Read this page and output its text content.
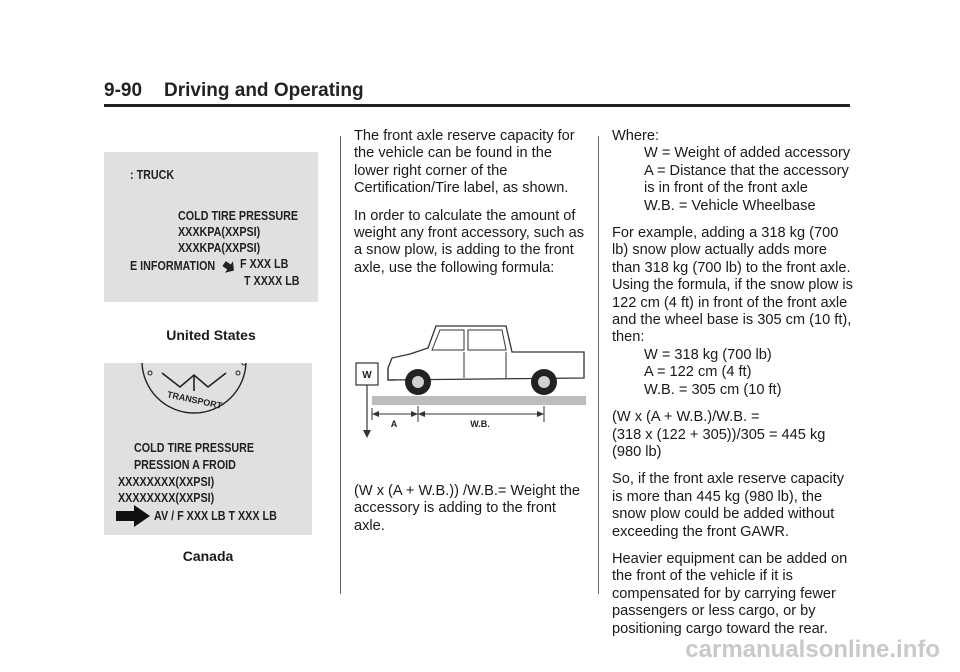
9-90 Driving and Operating
: TRUCK
COLD TIRE PRESSURE
XXXKPA(XXPSI)
XXXKPA(XXPSI)
E INFORMATION F XXX LB
T XXXX LB
United States
TRANSPORT
COLD TIRE PRESSURE
PRESSION A FROID
XXXXXXXX(XXPSI)
XXXXXXXX(XXPSI)
AV / F XXX LB T XXX LB
Canada

The front axle reserve capacity for the vehicle can be found in the lower right corner of the Certification/Tire label, as shown.

In order to calculate the amount of weight any front accessory, such as a snow plow, is adding to the front axle, use the following formula:

W
A	W.B.

(W x (A + W.B.)) /W.B.= Weight the accessory is adding to the front axle.

Where:
W = Weight of added accessory
A = Distance that the accessory is in front of the front axle
W.B. = Vehicle Wheelbase
For example, adding a 318 kg (700 lb) snow plow actually adds more than 318 kg (700 lb) to the front axle. Using the formula, if the snow plow is 122 cm (4 ft) in front of the front axle and the wheel base is 305 cm (10 ft), then:
W = 318 kg (700 lb)
A = 122 cm (4 ft)
W.B. = 305 cm (10 ft)
(W x (A + W.B.)/W.B. =
(318 x (122 + 305))/305 = 445 kg (980 lb)

So, if the front axle reserve capacity is more than 445 kg (980 lb), the snow plow could be added without exceeding the front GAWR.

Heavier equipment can be added on the front of the vehicle if it is compensated for by carrying fewer passengers or less cargo, or by positioning cargo toward the rear.

carmanualsonline.info
